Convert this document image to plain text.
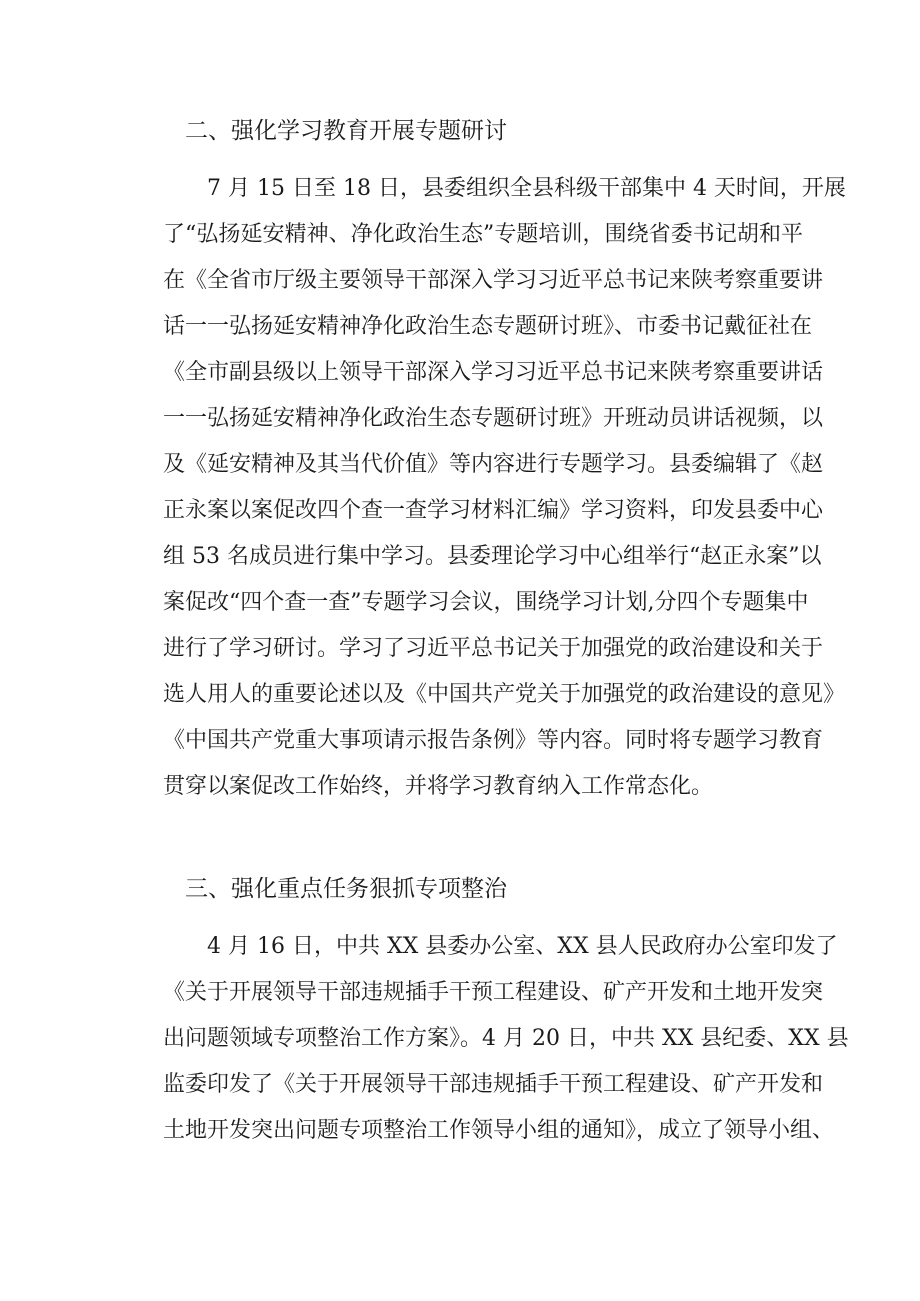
二、强化学习教育开展专题研讨
7 月 15 日至 18 日，县委组织全县科级干部集中 4 天时间，开展
了“弘扬延安精神、净化政治生态”专题培训，围绕省委书记胡和平
在《全省市厅级主要领导干部深入学习习近平总书记来陕考察重要讲
话一一弘扬延安精神净化政治生态专题研讨班》、市委书记戴征社在
《全市副县级以上领导干部深入学习习近平总书记来陕考察重要讲话
一一弘扬延安精神净化政治生态专题研讨班》开班动员讲话视频，以
及《延安精神及其当代价值》等内容进行专题学习。县委编辑了《赵
正永案以案促改四个查一查学习材料汇编》学习资料，印发县委中心
组 53 名成员进行集中学习。县委理论学习中心组举行“赵正永案”以
案促改“四个查一查”专题学习会议，围绕学习计划,分四个专题集中
进行了学习研讨。学习了习近平总书记关于加强党的政治建设和关于
选人用人的重要论述以及《中国共产党关于加强党的政治建设的意见》
《中国共产党重大事项请示报告条例》等内容。同时将专题学习教育
贯穿以案促改工作始终，并将学习教育纳入工作常态化。
三、强化重点任务狠抓专项整治
4 月 16 日，中共 XX 县委办公室、XX 县人民政府办公室印发了
《关于开展领导干部违规插手干预工程建设、矿产开发和土地开发突
出问题领域专项整治工作方案》。4 月 20 日，中共 XX 县纪委、XX 县
监委印发了《关于开展领导干部违规插手干预工程建设、矿产开发和
土地开发突出问题专项整治工作领导小组的通知》，成立了领导小组、
